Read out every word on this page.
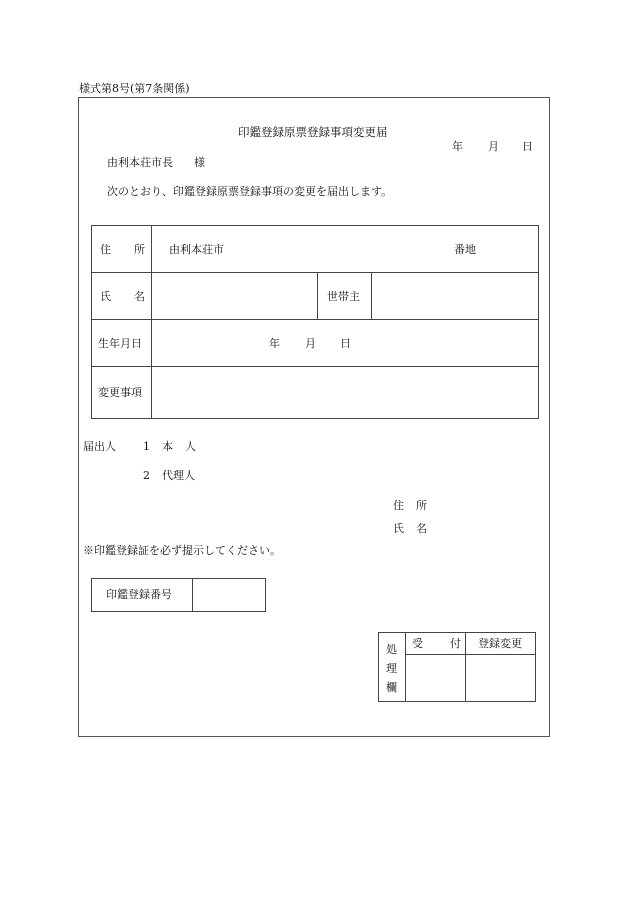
様式第8号(第7条関係)
印鑑登録原票登録事項変更届
年 月 日
由利本荘市長 様
次のとおり、印鑑登録原票登録事項の変更を届出します。
住 所	由利本荘市 番地		

氏 名		世帯主	

生年月日	年 月 日		

変更事項			

届出人 1 本 人
2 代理人
住 所
氏 名
※印鑑登録証を必ず提示してください。
印鑑登録番号

処
理
欄	受 付	登録変更
